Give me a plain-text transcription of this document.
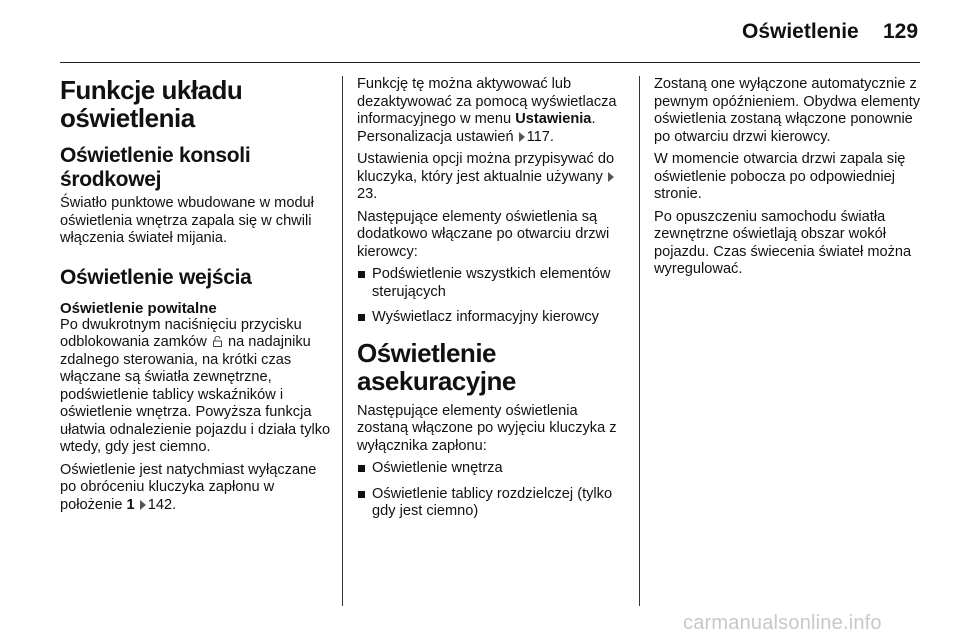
Oświetlenie 129
Funkcje układu oświetlenia
Oświetlenie konsoli środkowej

Światło punktowe wbudowane w moduł oświetlenia wnętrza zapala się w chwili włączenia świateł mijania.

Oświetlenie wejścia
Oświetlenie powitalne

Po dwukrotnym naciśnięciu przycisku odblokowania zamków na nadajniku zdalnego sterowania, na krótki czas włączane są światła zewnętrzne, podświetlenie tablicy wskaźników i oświetlenie wnętrza. Powyższa funkcja ułatwia odnalezienie pojazdu i działa tylko wtedy, gdy jest ciemno.

Oświetlenie jest natychmiast wyłączane po obróceniu kluczyka zapłonu w położenie 1 142.

Funkcję tę można aktywować lub dezaktywować za pomocą wyświetlacza informacyjnego w menu Ustawienia. Personalizacja ustawień 117.

Ustawienia opcji można przypisywać do kluczyka, który jest aktualnie używany 23.

Następujące elementy oświetlenia są dodatkowo włączane po otwarciu drzwi kierowcy:

Podświetlenie wszystkich elementów sterujących
Wyświetlacz informacyjny kierowcy
Oświetlenie asekuracyjne

Następujące elementy oświetlenia zostaną włączone po wyjęciu kluczyka z wyłącznika zapłonu:

Oświetlenie wnętrza
Oświetlenie tablicy rozdzielczej (tylko gdy jest ciemno)

Zostaną one wyłączone automatycznie z pewnym opóźnieniem. Obydwa elementy oświetlenia zostaną włączone ponownie po otwarciu drzwi kierowcy.

W momencie otwarcia drzwi zapala się oświetlenie pobocza po odpowiedniej stronie.

Po opuszczeniu samochodu światła zewnętrzne oświetlają obszar wokół pojazdu. Czas świecenia świateł można wyregulować.

carmanualsonline.info
